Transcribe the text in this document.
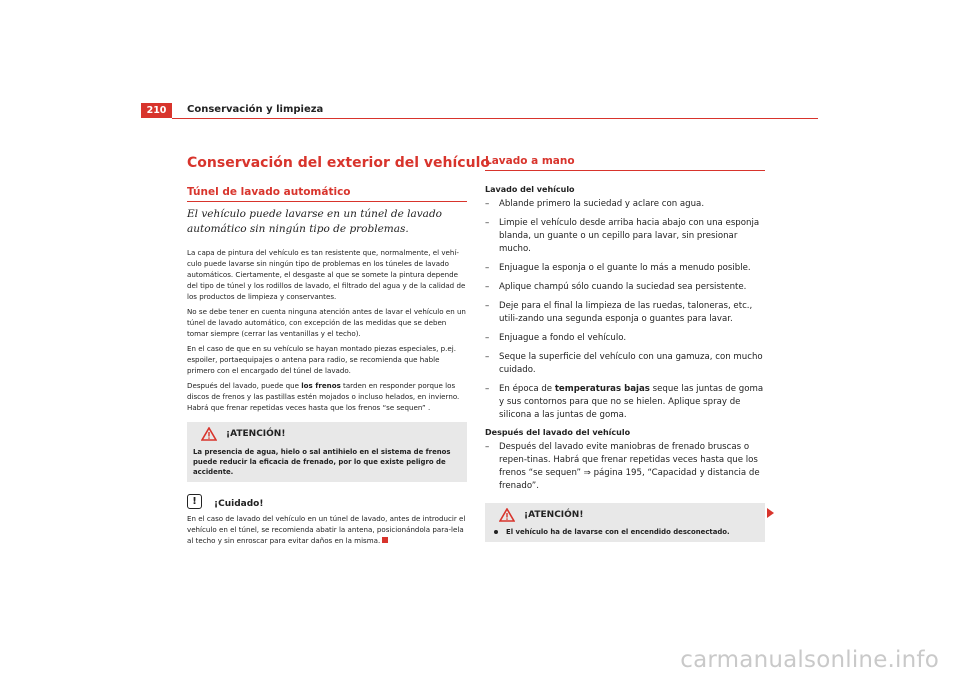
210	Conservación y limpieza
Conservación del exterior del vehículo
Túnel de lavado automático
El vehículo puede lavarse en un túnel de lavado automático sin ningún tipo de problemas.

La capa de pintura del vehículo es tan resistente que, normalmente, el vehí-culo puede lavarse sin ningún tipo de problemas en los túneles de lavado automáticos. Ciertamente, el desgaste al que se somete la pintura depende del tipo de túnel y los rodillos de lavado, el filtrado del agua y de la calidad de los productos de limpieza y conservantes.

No se debe tener en cuenta ninguna atención antes de lavar el vehículo en un túnel de lavado automático, con excepción de las medidas que se deben tomar siempre (cerrar las ventanillas y el techo).

En el caso de que en su vehículo se hayan montado piezas especiales, p.ej. espoiler, portaequipajes o antena para radio, se recomienda que hable primero con el encargado del túnel de lavado.

Después del lavado, puede que los frenos tarden en responder porque los discos de frenos y las pastillas estén mojados o incluso helados, en invierno. Habrá que frenar repetidas veces hasta que los frenos “se sequen” .

¡ATENCIÓN!
La presencia de agua, hielo o sal antihielo en el sistema de frenos puede reducir la eficacia de frenado, por lo que existe peligro de accidente.
!	¡Cuidado!

En el caso de lavado del vehículo en un túnel de lavado, antes de introducir el vehículo en el túnel, se recomienda abatir la antena, posicionándola para-lela al techo y sin enroscar para evitar daños en la misma.

Lavado a mano
Lavado del vehículo
–	Ablande primero la suciedad y aclare con agua.
–	Limpie el vehículo desde arriba hacia abajo con una esponja blanda, un guante o un cepillo para lavar, sin presionar mucho.
–	Enjuague la esponja o el guante lo más a menudo posible.
–	Aplique champú sólo cuando la suciedad sea persistente.
–	Deje para el final la limpieza de las ruedas, taloneras, etc., utili-zando una segunda esponja o guantes para lavar.
–	Enjuague a fondo el vehículo.
–	Seque la superficie del vehículo con una gamuza, con mucho cuidado.
–	En época de temperaturas bajas seque las juntas de goma y sus contornos para que no se hielen. Aplique spray de silicona a las juntas de goma.
Después del lavado del vehículo
–	Después del lavado evite maniobras de frenado bruscas o repen-tinas. Habrá que frenar repetidas veces hasta que los frenos “se sequen” ⇒ página 195, “Capacidad y distancia de frenado”.
¡ATENCIÓN!
El vehículo ha de lavarse con el encendido desconectado.
carmanualsonline.info
